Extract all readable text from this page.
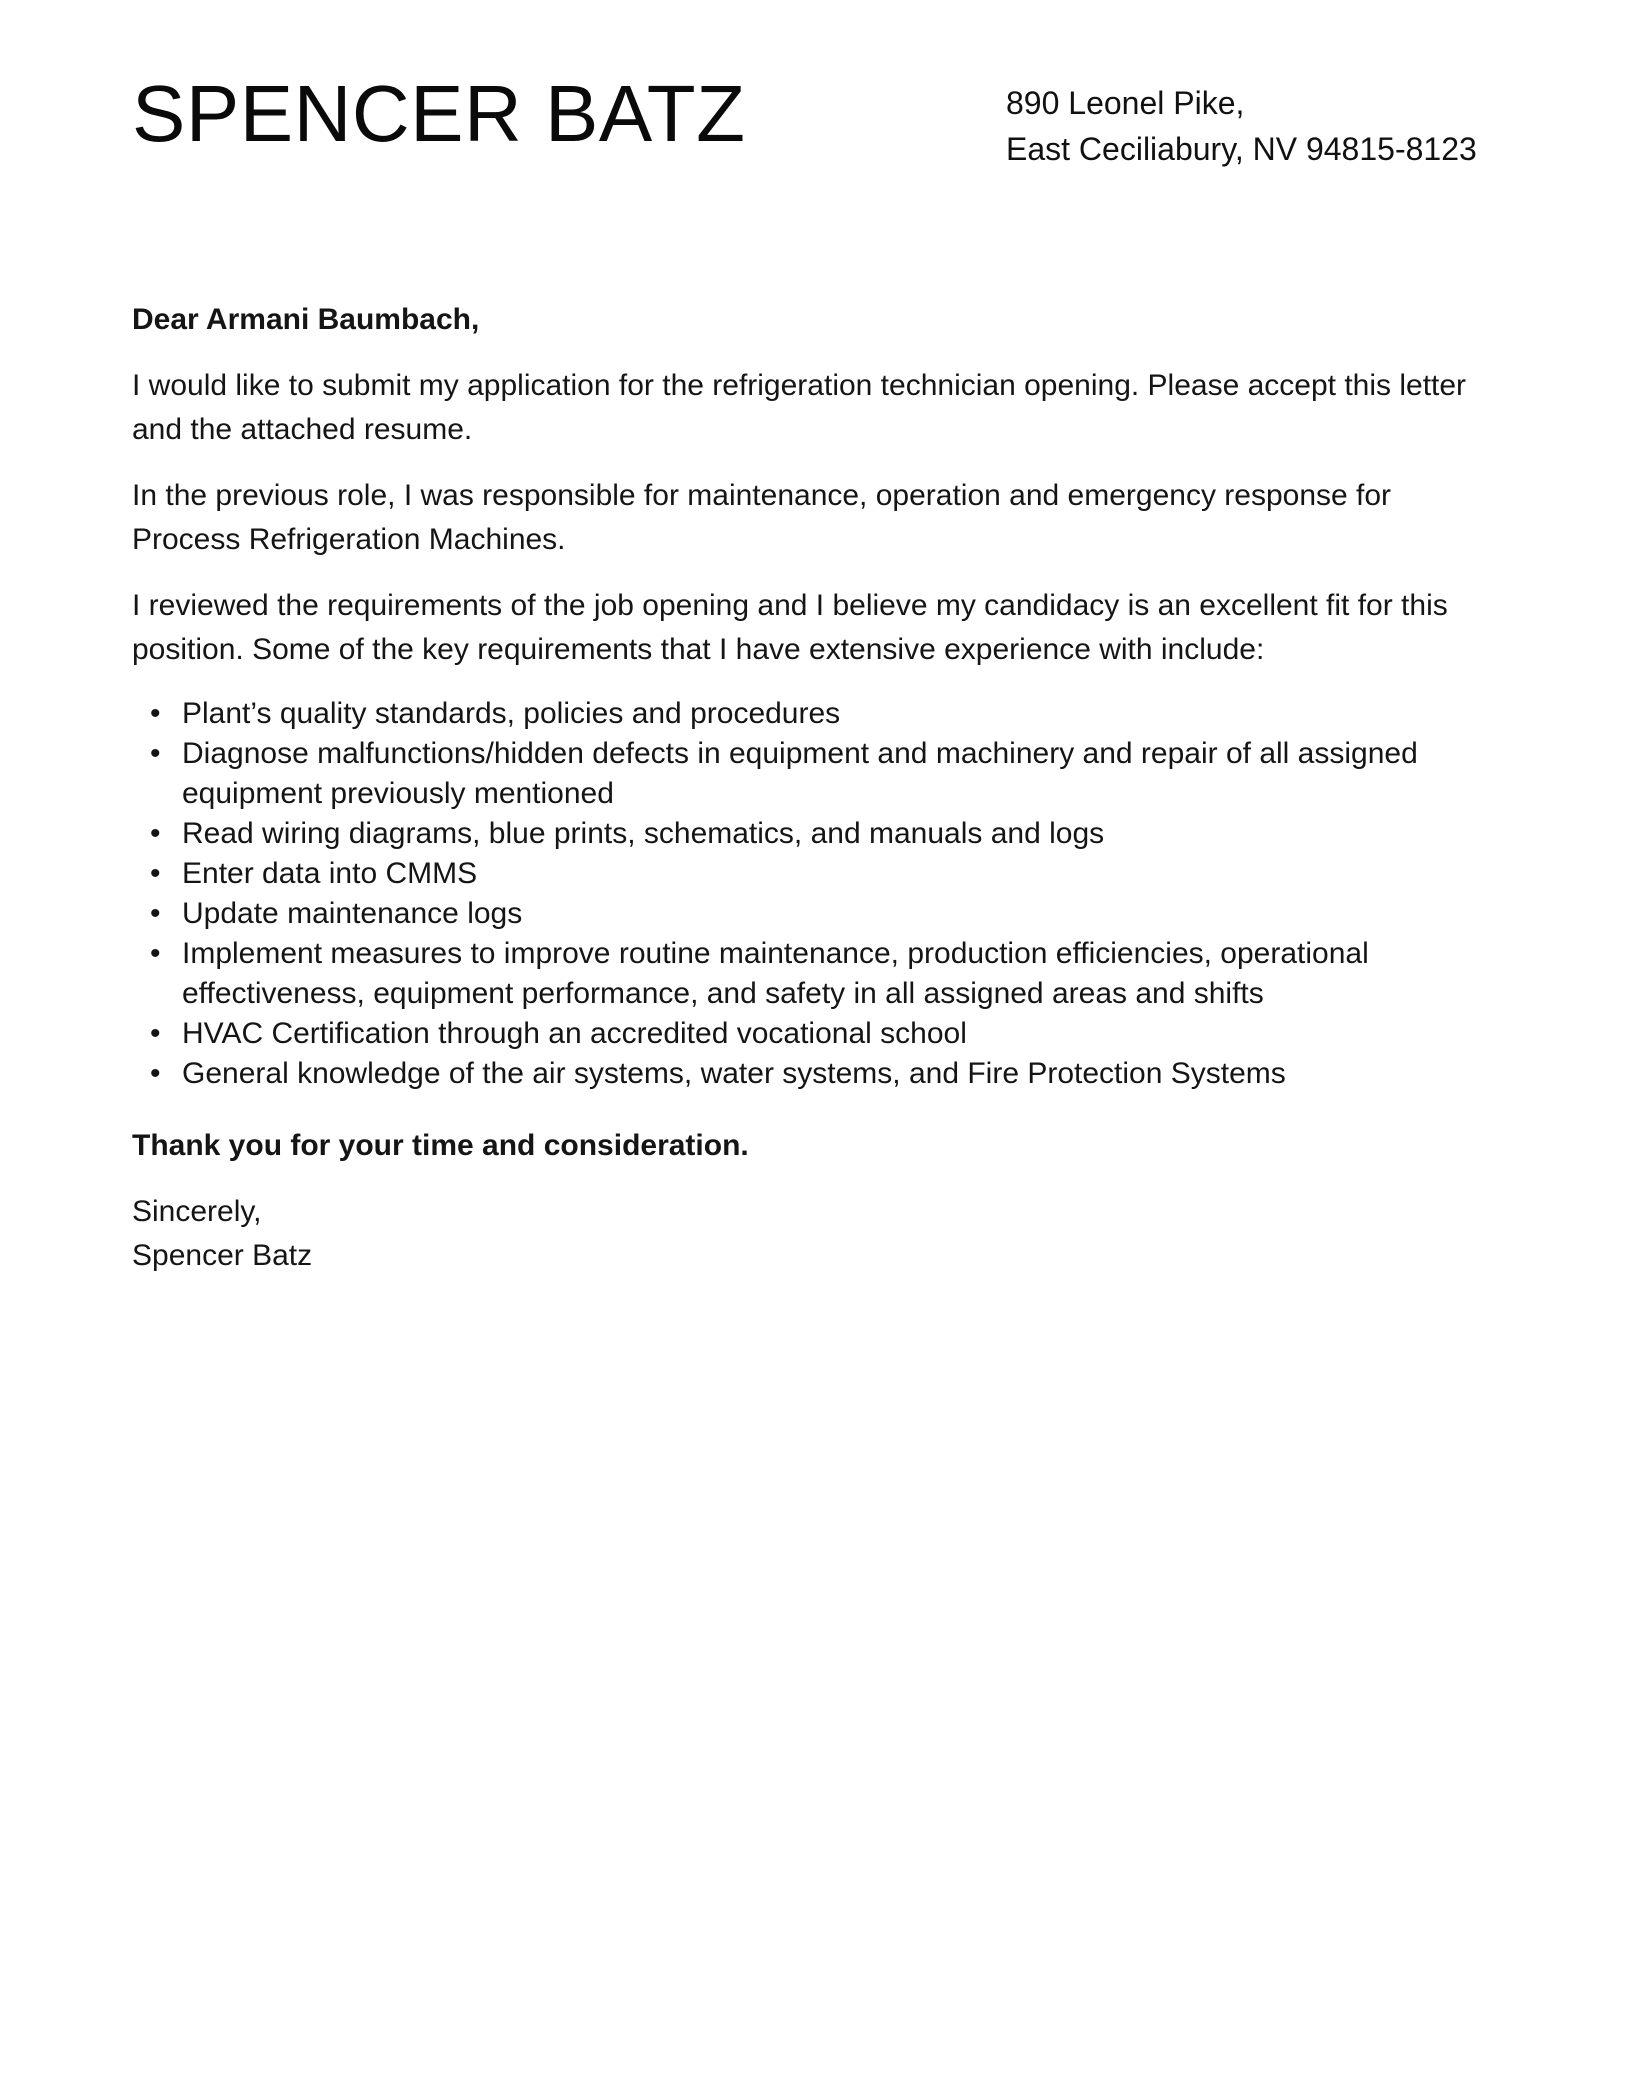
SPENCER BATZ	890 Leonel Pike,
East Ceciliabury, NV 94815-8123

Dear Armani Baumbach,

I would like to submit my application for the refrigeration technician opening. Please accept this letter and the attached resume.

In the previous role, I was responsible for maintenance, operation and emergency response for Process Refrigeration Machines.

I reviewed the requirements of the job opening and I believe my candidacy is an excellent fit for this position. Some of the key requirements that I have extensive experience with include:

• Plant’s quality standards, policies and procedures
• Diagnose malfunctions/hidden defects in equipment and machinery and repair of all assigned equipment previously mentioned
• Read wiring diagrams, blue prints, schematics, and manuals and logs
• Enter data into CMMS
• Update maintenance logs
• Implement measures to improve routine maintenance, production efficiencies, operational effectiveness, equipment performance, and safety in all assigned areas and shifts
• HVAC Certification through an accredited vocational school
• General knowledge of the air systems, water systems, and Fire Protection Systems

Thank you for your time and consideration.

Sincerely,
Spencer Batz
